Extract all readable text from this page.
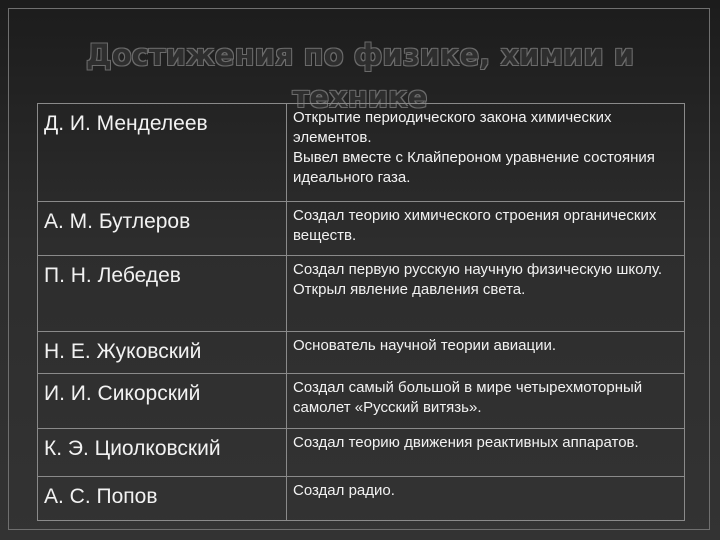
Достижения по физике, химии и технике
Д. И. Менделеев	Открытие периодического закона химических элементов.
Вывел вместе с Клайпероном уравнение состояния идеального газа.

А. М. Бутлеров	Создал теорию химического строения органических веществ.

П. Н. Лебедев	Создал первую русскую научную физическую школу.
Открыл явление давления света.

Н. Е. Жуковский	Основатель научной теории авиации.

И. И. Сикорский	Создал самый большой в мире четырехмоторный самолет «Русский витязь».

К. Э. Циолковский	Создал теорию движения реактивных аппаратов.

А. С. Попов	Создал радио.
